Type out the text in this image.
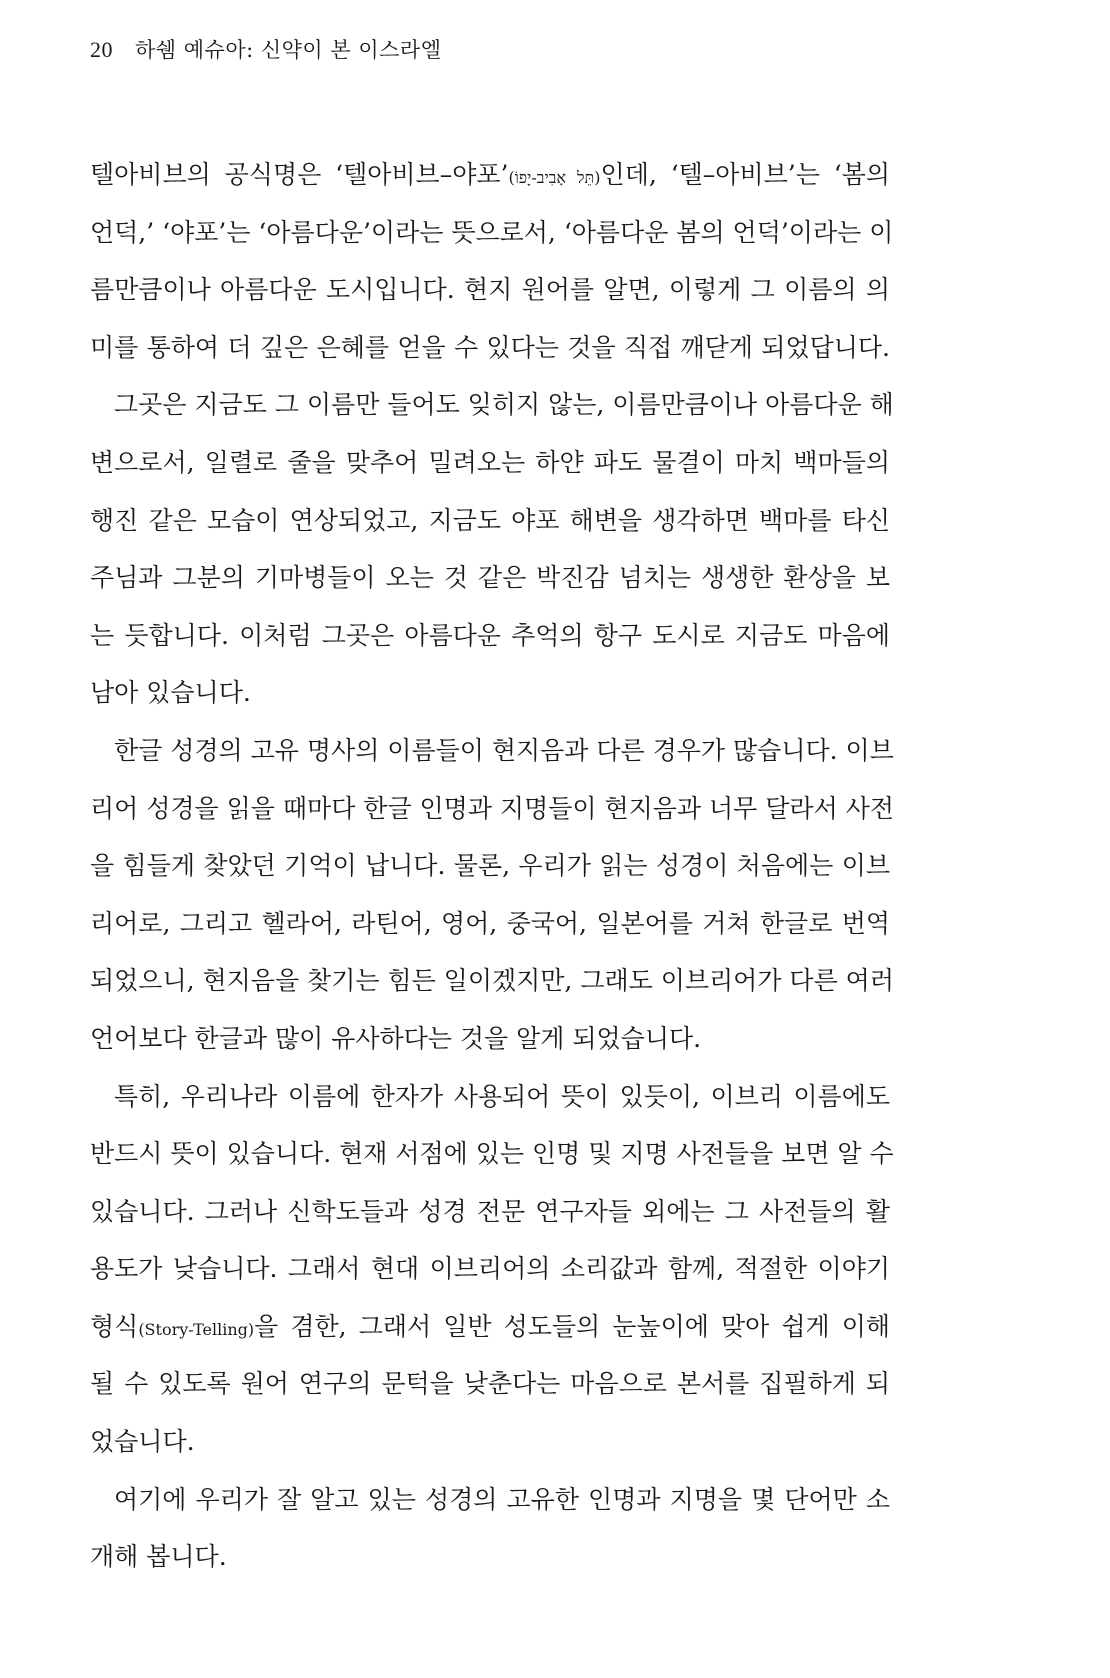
20 하쉠 예슈아: 신약이 본 이스라엘
텔아비브의 공식명은 ‘텔아비브–야포’(תֵּל אָבִיב-יָפוֹ)인데, ‘텔–아비브’는 ‘봄의
언덕,’ ‘야포’는 ‘아름다운’이라는 뜻으로서, ‘아름다운 봄의 언덕’이라는 이
름만큼이나 아름다운 도시입니다. 현지 원어를 알면, 이렇게 그 이름의 의
미를 통하여 더 깊은 은혜를 얻을 수 있다는 것을 직접 깨닫게 되었답니다.
그곳은 지금도 그 이름만 들어도 잊히지 않는, 이름만큼이나 아름다운 해
변으로서, 일렬로 줄을 맞추어 밀려오는 하얀 파도 물결이 마치 백마들의
행진 같은 모습이 연상되었고, 지금도 야포 해변을 생각하면 백마를 타신
주님과 그분의 기마병들이 오는 것 같은 박진감 넘치는 생생한 환상을 보
는 듯합니다. 이처럼 그곳은 아름다운 추억의 항구 도시로 지금도 마음에
남아 있습니다.
한글 성경의 고유 명사의 이름들이 현지음과 다른 경우가 많습니다. 이브
리어 성경을 읽을 때마다 한글 인명과 지명들이 현지음과 너무 달라서 사전
을 힘들게 찾았던 기억이 납니다. 물론, 우리가 읽는 성경이 처음에는 이브
리어로, 그리고 헬라어, 라틴어, 영어, 중국어, 일본어를 거쳐 한글로 번역
되었으니, 현지음을 찾기는 힘든 일이겠지만, 그래도 이브리어가 다른 여러
언어보다 한글과 많이 유사하다는 것을 알게 되었습니다.
특히, 우리나라 이름에 한자가 사용되어 뜻이 있듯이, 이브리 이름에도
반드시 뜻이 있습니다. 현재 서점에 있는 인명 및 지명 사전들을 보면 알 수
있습니다. 그러나 신학도들과 성경 전문 연구자들 외에는 그 사전들의 활
용도가 낮습니다. 그래서 현대 이브리어의 소리값과 함께, 적절한 이야기
형식(Story-Telling)을 겸한, 그래서 일반 성도들의 눈높이에 맞아 쉽게 이해
될 수 있도록 원어 연구의 문턱을 낮춘다는 마음으로 본서를 집필하게 되
었습니다.
여기에 우리가 잘 알고 있는 성경의 고유한 인명과 지명을 몇 단어만 소
개해 봅니다.
